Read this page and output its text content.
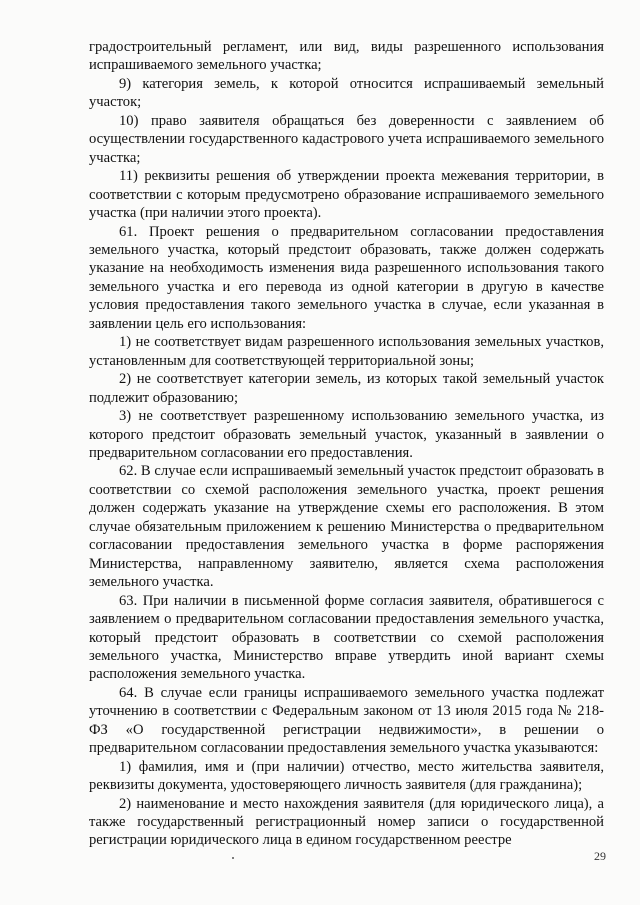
градостроительный регламент, или вид, виды разрешенного использования испрашиваемого земельного участка;

9) категория земель, к которой относится испрашиваемый земельный участок;

10) право заявителя обращаться без доверенности с заявлением об осуществлении государственного кадастрового учета испрашиваемого земельного участка;

11) реквизиты решения об утверждении проекта межевания территории, в соответствии с которым предусмотрено образование испрашиваемого земельного участка (при наличии этого проекта).

61. Проект решения о предварительном согласовании предоставления земельного участка, который предстоит образовать, также должен содержать указание на необходимость изменения вида разрешенного использования такого земельного участка и его перевода из одной категории в другую в качестве условия предоставления такого земельного участка в случае, если указанная в заявлении цель его использования:

1) не соответствует видам разрешенного использования земельных участков, установленным для соответствующей территориальной зоны;

2) не соответствует категории земель, из которых такой земельный участок подлежит образованию;

3) не соответствует разрешенному использованию земельного участка, из которого предстоит образовать земельный участок, указанный в заявлении о предварительном согласовании его предоставления.

62. В случае если испрашиваемый земельный участок предстоит образовать в соответствии со схемой расположения земельного участка, проект решения должен содержать указание на утверждение схемы его расположения. В этом случае обязательным приложением к решению Министерства о предварительном согласовании предоставления земельного участка в форме распоряжения Министерства, направленному заявителю, является схема расположения земельного участка.

63. При наличии в письменной форме согласия заявителя, обратившегося с заявлением о предварительном согласовании предоставления земельного участка, который предстоит образовать в соответствии со схемой расположения земельного участка, Министерство вправе утвердить иной вариант схемы расположения земельного участка.

64. В случае если границы испрашиваемого земельного участка подлежат уточнению в соответствии с Федеральным законом от 13 июля 2015 года № 218-ФЗ «О государственной регистрации недвижимости», в решении о предварительном согласовании предоставления земельного участка указываются:

1) фамилия, имя и (при наличии) отчество, место жительства заявителя, реквизиты документа, удостоверяющего личность заявителя (для гражданина);

2) наименование и место нахождения заявителя (для юридического лица), а также государственный регистрационный номер записи о государственной регистрации юридического лица в едином государственном реестре

29
